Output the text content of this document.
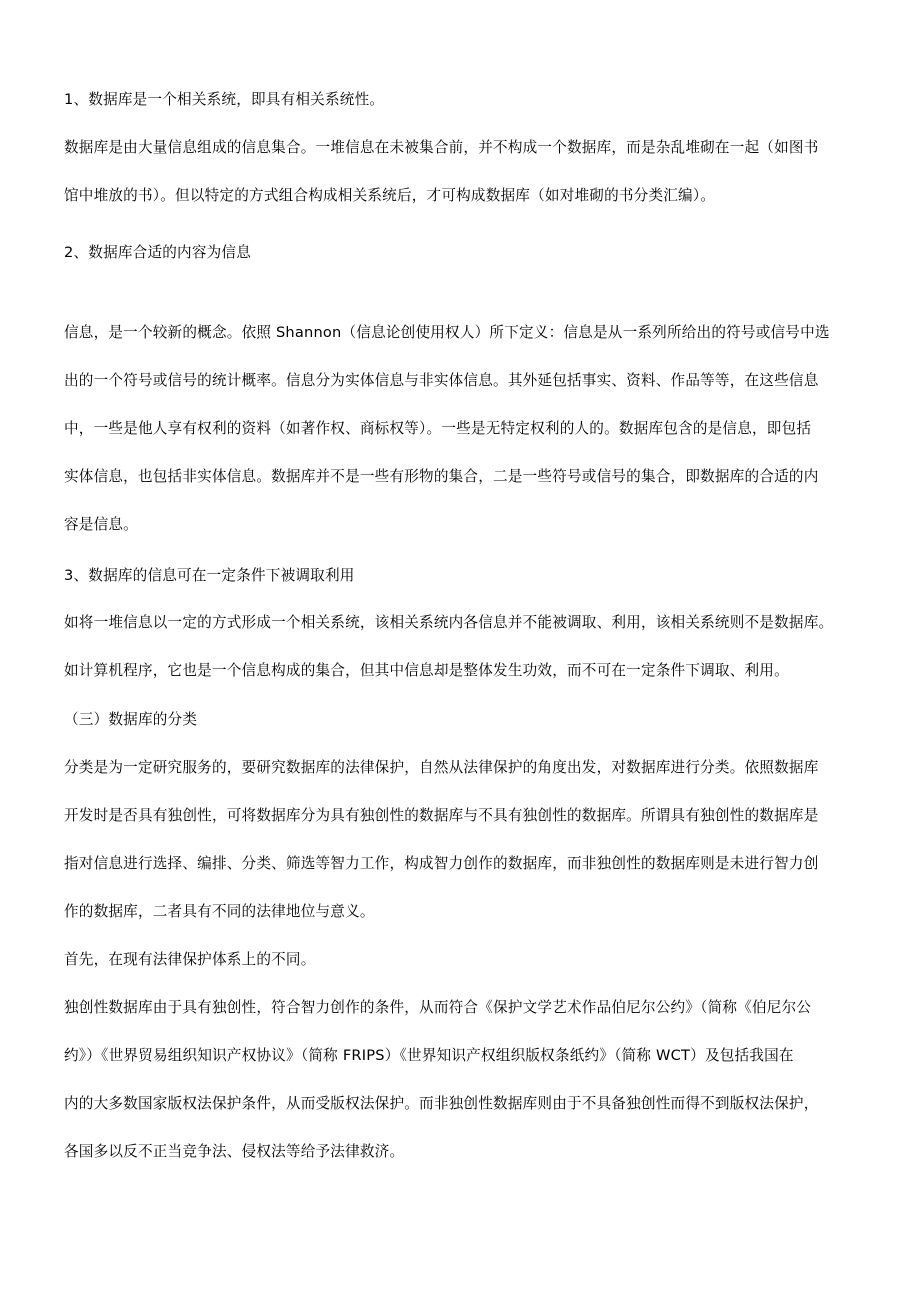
1、数据库是一个相关系统，即具有相关系统性。
数据库是由大量信息组成的信息集合。一堆信息在未被集合前，并不构成一个数据库，而是杂乱堆砌在一起（如图书
馆中堆放的书）。但以特定的方式组合构成相关系统后，才可构成数据库（如对堆砌的书分类汇编）。
2、数据库合适的内容为信息
信息，是一个较新的概念。依照 Shannon（信息论创使用权人）所下定义：信息是从一系列所给出的符号或信号中选
出的一个符号或信号的统计概率。信息分为实体信息与非实体信息。其外延包括事实、资料、作品等等，在这些信息
中，一些是他人享有权利的资料（如著作权、商标权等）。一些是无特定权利的人的。数据库包含的是信息，即包括
实体信息，也包括非实体信息。数据库并不是一些有形物的集合，二是一些符号或信号的集合，即数据库的合适的内
容是信息。
3、数据库的信息可在一定条件下被调取利用
如将一堆信息以一定的方式形成一个相关系统，该相关系统内各信息并不能被调取、利用，该相关系统则不是数据库。
如计算机程序，它也是一个信息构成的集合，但其中信息却是整体发生功效，而不可在一定条件下调取、利用。
（三）数据库的分类
分类是为一定研究服务的，要研究数据库的法律保护，自然从法律保护的角度出发，对数据库进行分类。依照数据库
开发时是否具有独创性，可将数据库分为具有独创性的数据库与不具有独创性的数据库。所谓具有独创性的数据库是
指对信息进行选择、编排、分类、筛选等智力工作，构成智力创作的数据库，而非独创性的数据库则是未进行智力创
作的数据库，二者具有不同的法律地位与意义。
首先，在现有法律保护体系上的不同。
独创性数据库由于具有独创性，符合智力创作的条件，从而符合《保护文学艺术作品伯尼尔公约》（简称《伯尼尔公
约》）《世界贸易组织知识产权协议》（简称 FRIPS）《世界知识产权组织版权条纸约》（简称 WCT）及包括我国在
内的大多数国家版权法保护条件，从而受版权法保护。而非独创性数据库则由于不具备独创性而得不到版权法保护，
各国多以反不正当竞争法、侵权法等给予法律救济。
